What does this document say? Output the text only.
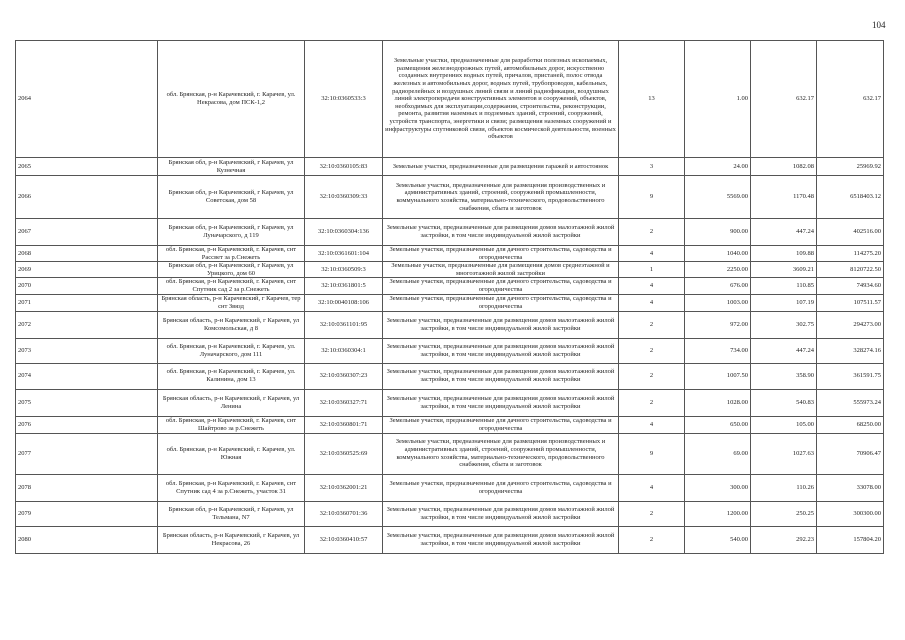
104
2064	обл. Брянская, р-н Карачевский, г. Карачев, ул. Некрасова, дом ПСК-1,2	32:10:0360533:3	Земельные участки, предназначенные для разработки полезных ископаемых, размещения железнодорожных путей, автомобильных дорог, искусственно созданных внутренних водных путей, причалов, пристаней, полос отвода железных и автомобильных дорог, водных путей, трубопроводов, кабельных, радиорелейных и воздушных линий связи и линий радиофикации, воздушных линий электропередачи конструктивных элементов и сооружений, объектов, необходимых для эксплуатации,содержания, строительства, реконструкции, ремонта, развития наземных и подземных зданий, строений, сооружений, устройств транспорта, энергетики и связи; размещения наземных сооружений и инфраструктуры спутниковой связи, объектов космической деятельности, военных объектов	13	1.00	632.17	632.17
2065	Брянская обл, р-н Карачевский, г Карачев, ул Кузнечная	32:10:0360105:83	Земельные участки, предназначенные для размещения гаражей и автостоянок	3	24.00	1082.08	25969.92
2066	Брянская обл, р-н Карачевский, г Карачев, ул Советская, дом 58	32:10:0360309:33	Земельные участки, предназначенные для размещения производственных и административных зданий, строений, сооружений промышленности, коммунального хозяйства, материально-технического, продовольственного снабжения, сбыта и заготовок	9	5569.00	1170.48	6518403.12
2067	Брянская обл, р-н Карачевский, г Карачев, ул Луначарского, д 119	32:10:0360304:136	Земельные участки, предназначенные для размещения домов малоэтажной жилой застройки, в том числе индивидуальной жилой застройки	2	900.00	447.24	402516.00
2068	обл. Брянская, р-н Карачевский, г. Карачев, снт Рассвет за р.Снежеть	32:10:0361601:104	Земельные участки, предназначенные для дачного строительства, садоводства и огородничества	4	1040.00	109.88	114275.20
2069	Брянская обл, р-н Карачевский, г Карачев, ул Урицкого, дом 60	32:10:0360509:3	Земельные участки, предназначенные для размещения домов среднеэтажной и многоэтажной жилой застройки	1	2250.00	3609.21	8120722.50
2070	обл. Брянская, р-н Карачевский, г. Карачев, снт Спутник сад 2 за р.Снежеть	32:10:0361801:5	Земельные участки, предназначенные для дачного строительства, садоводства и огородничества	4	676.00	110.85	74934.60
2071	Брянская область, р-н Карачевский, г Карачев, тер снт Звязд	32:10:0040108:106	Земельные участки, предназначенные для дачного строительства, садоводства и огородничества	4	1003.00	107.19	107511.57
2072	Брянская область, р-н Карачевский, г Карачев, ул Комсомольская, д 8	32:10:0361101:95	Земельные участки, предназначенные для размещения домов малоэтажной жилой застройки, в том числе индивидуальной жилой застройки	2	972.00	302.75	294273.00
2073	обл. Брянская, р-н Карачевский, г. Карачев, ул. Луначарского, дом 111	32:10:0360304:1	Земельные участки, предназначенные для размещения домов малоэтажной жилой застройки, в том числе индивидуальной жилой застройки	2	734.00	447.24	328274.16
2074	обл. Брянская, р-н Карачевский, г. Карачев, ул. Калинина, дом 13	32:10:0360307:23	Земельные участки, предназначенные для размещения домов малоэтажной жилой застройки, в том числе индивидуальной жилой застройки	2	1007.50	358.90	361591.75
2075	Брянская область, р-н Карачевский, г Карачев, ул Ленина	32:10:0360327:71	Земельные участки, предназначенные для размещения домов малоэтажной жилой застройки, в том числе индивидуальной жилой застройки	2	1028.00	540.83	555973.24
2076	обл. Брянская, р-н Карачевский, г. Карачев, снт Шайтрово за р.Снежеть	32:10:0360801:71	Земельные участки, предназначенные для дачного строительства, садоводства и огородничества	4	650.00	105.00	68250.00
2077	обл. Брянская, р-н Карачевский, г. Карачев, ул. Южная	32:10:0360525:69	Земельные участки, предназначенные для размещения производственных и административных зданий, строений, сооружений промышленности, коммунального хозяйства, материально-технического, продовольственного снабжения, сбыта и заготовок	9	69.00	1027.63	70906.47
2078	обл. Брянская, р-н Карачевский, г. Карачев, снт Спутник сад 4 за р.Снежеть, участок 31	32:10:0362001:21	Земельные участки, предназначенные для дачного строительства, садоводства и огородничества	4	300.00	110.26	33078.00
2079	Брянская обл, р-н Карачевский, г Карачев, ул Тельмана, N7	32:10:0360701:36	Земельные участки, предназначенные для размещения домов малоэтажной жилой застройки, в том числе индивидуальной жилой застройки	2	1200.00	250.25	300300.00
2080	Брянская область, р-н Карачевский, г Карачев, ул Некрасова, 26	32:10:0360410:57	Земельные участки, предназначенные для размещения домов малоэтажной жилой застройки, в том числе индивидуальной жилой застройки	2	540.00	292.23	157804.20
